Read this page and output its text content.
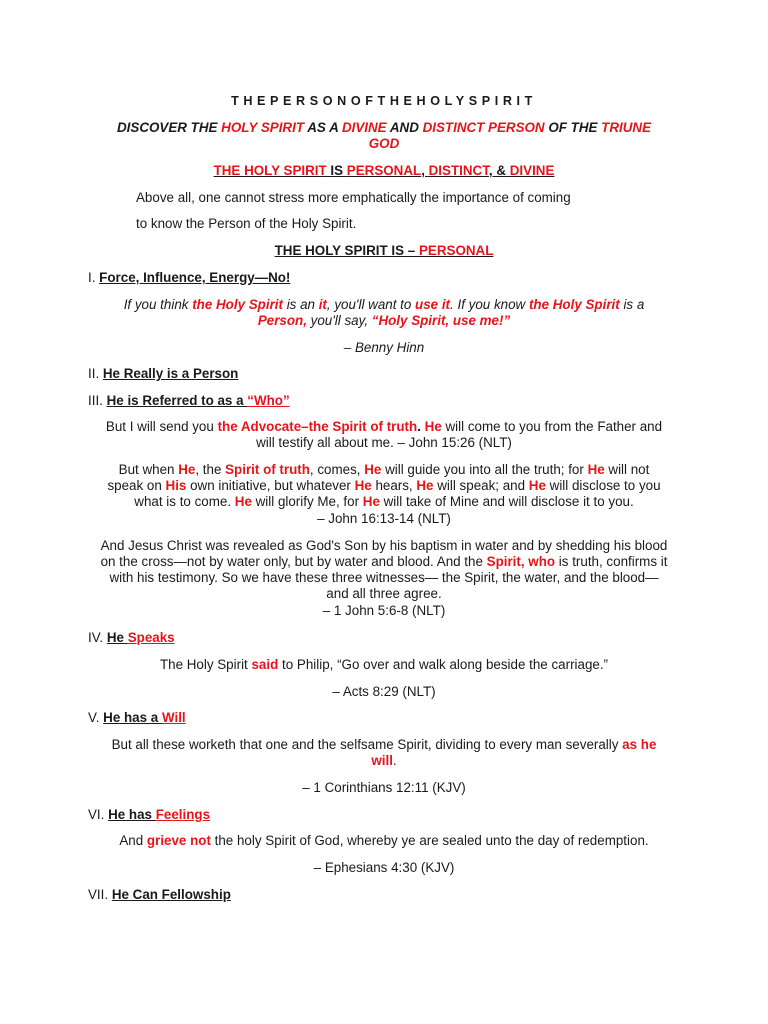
THEPERSONOFTHEHOLYSPIRIT
DISCOVER THE HOLY SPIRIT AS A DIVINE AND DISTINCT PERSON OF THE TRIUNE
GOD
THE HOLY SPIRIT IS PERSONAL, DISTINCT, & DIVINE
Above all, one cannot stress more emphatically the importance of coming
to know the Person of the Holy Spirit.
THE HOLY SPIRIT IS – PERSONAL
I. Force, Influence, Energy—No!
If you think the Holy Spirit is an it, you'll want to use it. If you know the Holy Spirit is a
Person, you'll say, “Holy Spirit, use me!”
– Benny Hinn
II. He Really is a Person
III. He is Referred to as a “Who”
But I will send you the Advocate–the Spirit of truth. He will come to you from the Father and
will testify all about me. – John 15:26 (NLT)
But when He, the Spirit of truth, comes, He will guide you into all the truth; for He will not
speak on His own initiative, but whatever He hears, He will speak; and He will disclose to you
what is to come. He will glorify Me, for He will take of Mine and will disclose it to you.
– John 16:13-14 (NLT)
And Jesus Christ was revealed as God's Son by his baptism in water and by shedding his blood
on the cross—not by water only, but by water and blood. And the Spirit, who is truth, confirms it
with his testimony. So we have these three witnesses— the Spirit, the water, and the blood—
and all three agree.
– 1 John 5:6-8 (NLT)
IV. He Speaks
The Holy Spirit said to Philip, “Go over and walk along beside the carriage.”
– Acts 8:29 (NLT)
V. He has a Will
But all these worketh that one and the selfsame Spirit, dividing to every man severally as he
will.
– 1 Corinthians 12:11 (KJV)
VI. He has Feelings
And grieve not the holy Spirit of God, whereby ye are sealed unto the day of redemption.
– Ephesians 4:30 (KJV)
VII. He Can Fellowship
